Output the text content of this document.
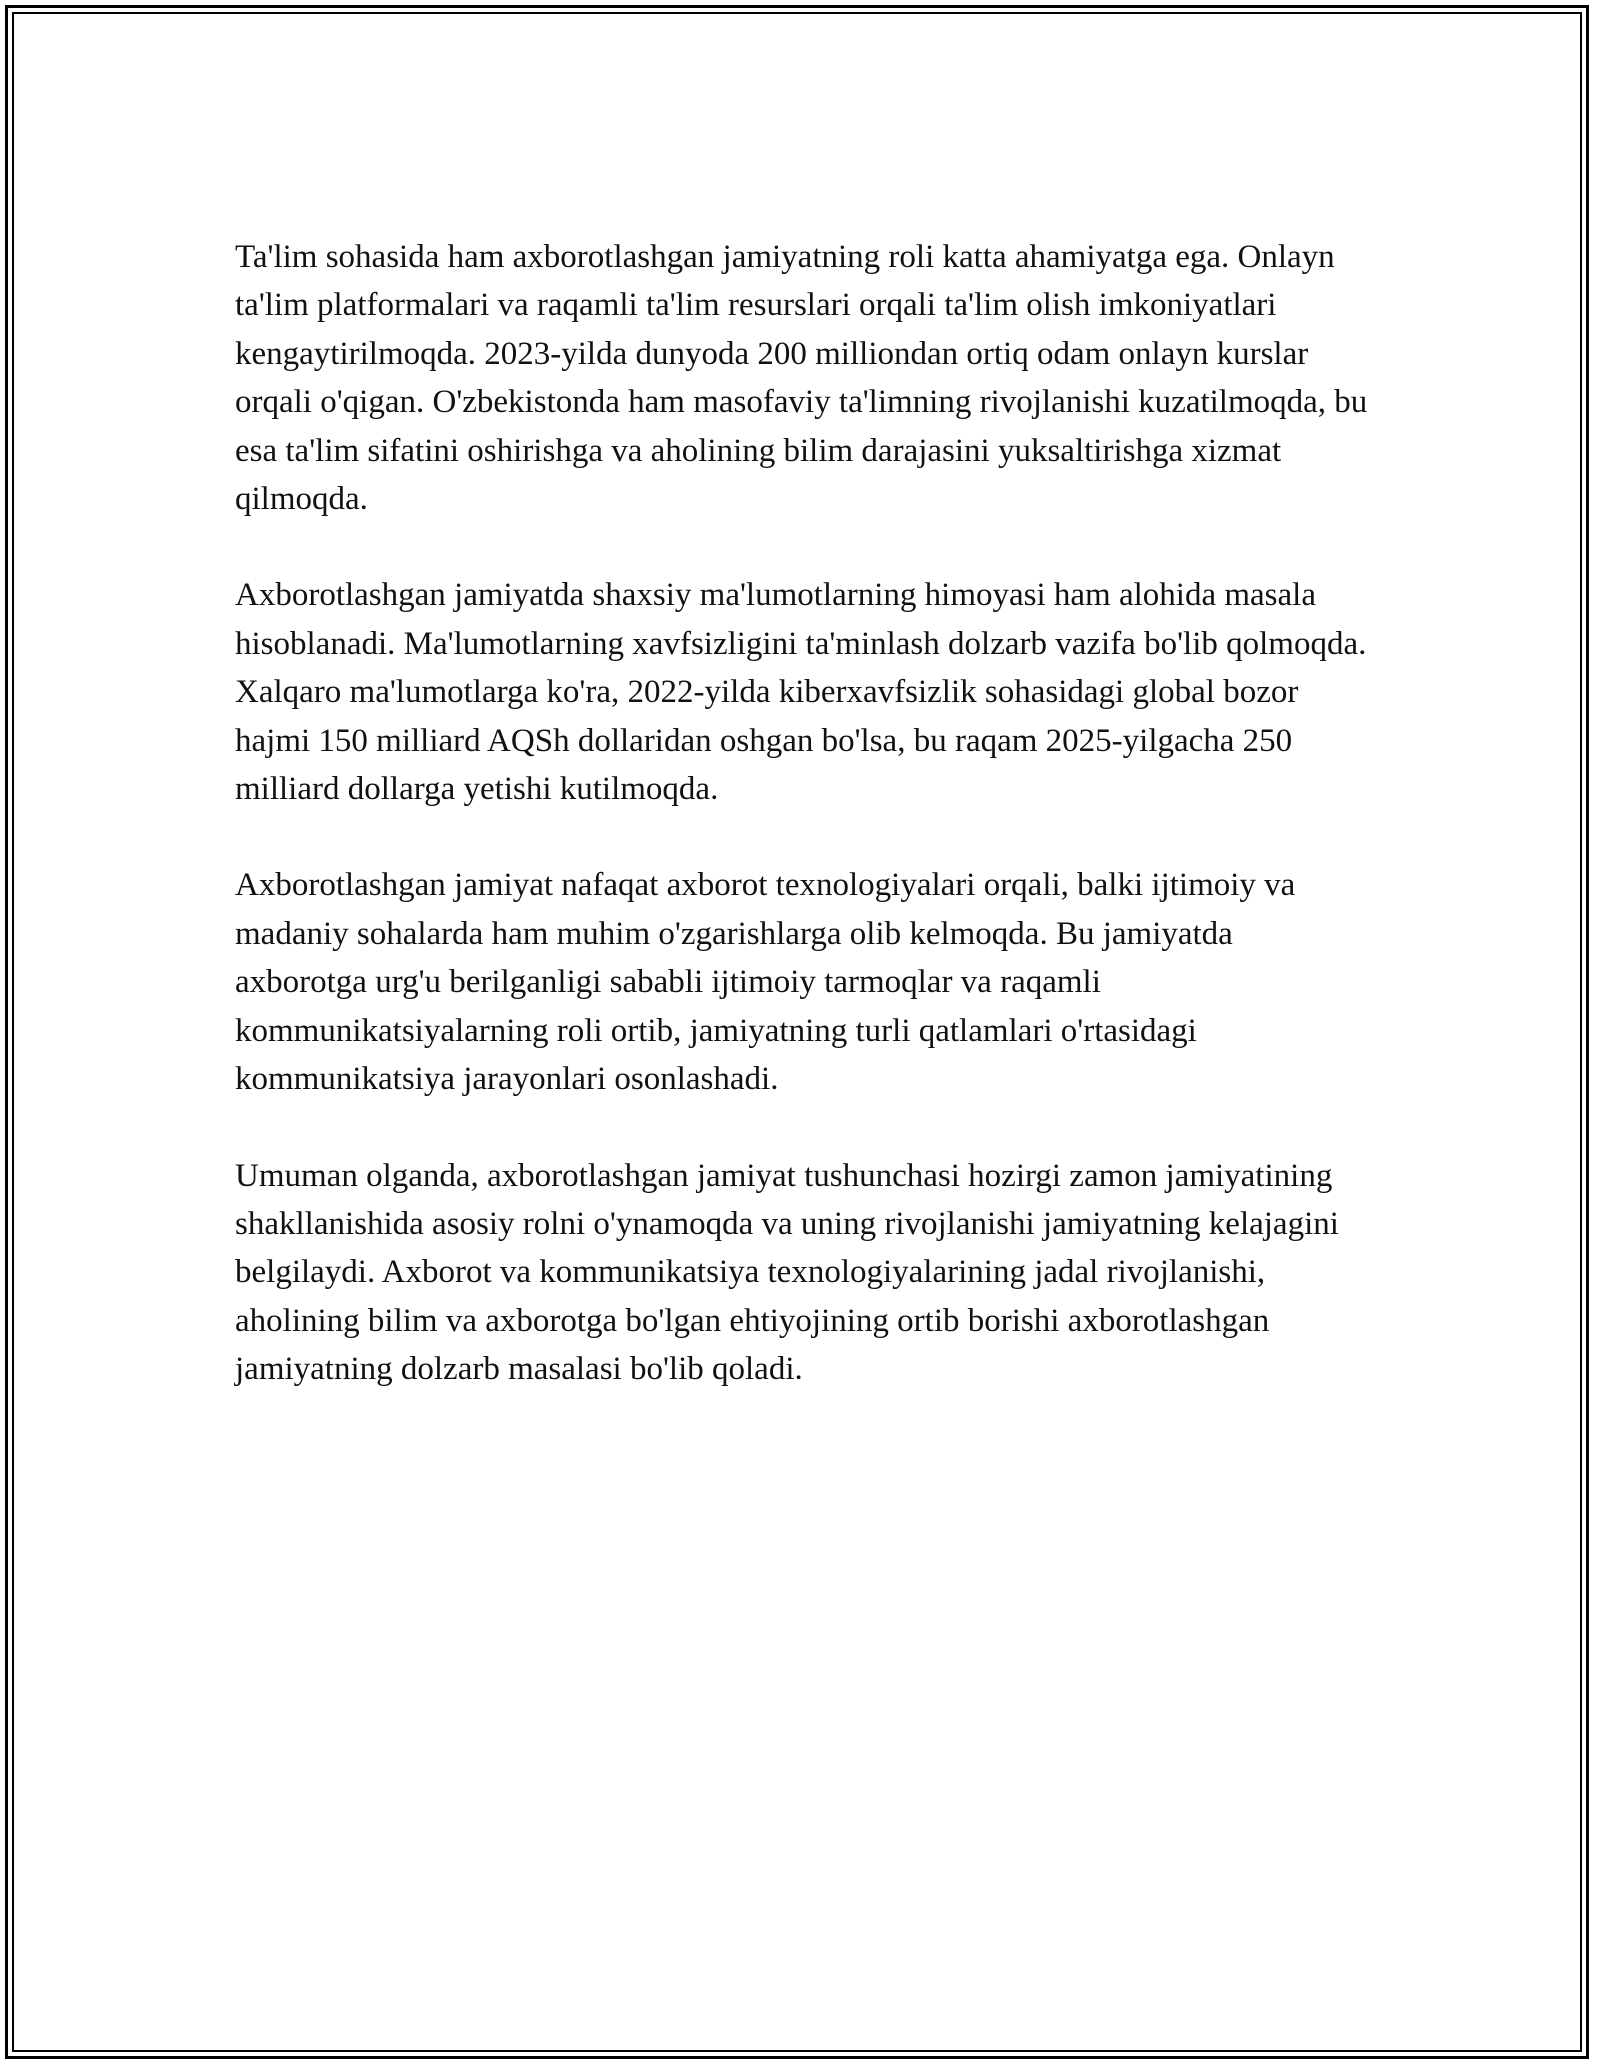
Ta'lim sohasida ham axborotlashgan jamiyatning roli katta ahamiyatga ega. Onlayn ta'lim platformalari va raqamli ta'lim resurslari orqali ta'lim olish imkoniyatlari kengaytirilmoqda. 2023-yilda dunyoda 200 milliondan ortiq odam onlayn kurslar orqali o'qigan. O'zbekistonda ham masofaviy ta'limning rivojlanishi kuzatilmoqda, bu esa ta'lim sifatini oshirishga va aholining bilim darajasini yuksaltirishga xizmat qilmoqda.

Axborotlashgan jamiyatda shaxsiy ma'lumotlarning himoyasi ham alohida masala hisoblanadi. Ma'lumotlarning xavfsizligini ta'minlash dolzarb vazifa bo'lib qolmoqda. Xalqaro ma'lumotlarga ko'ra, 2022-yilda kiberxavfsizlik sohasidagi global bozor hajmi 150 milliard AQSh dollaridan oshgan bo'lsa, bu raqam 2025-yilgacha 250 milliard dollarga yetishi kutilmoqda.

Axborotlashgan jamiyat nafaqat axborot texnologiyalari orqali, balki ijtimoiy va madaniy sohalarda ham muhim o'zgarishlarga olib kelmoqda. Bu jamiyatda axborotga urg'u berilganligi sababli ijtimoiy tarmoqlar va raqamli kommunikatsiyalarning roli ortib, jamiyatning turli qatlamlari o'rtasidagi kommunikatsiya jarayonlari osonlashadi.

Umuman olganda, axborotlashgan jamiyat tushunchasi hozirgi zamon jamiyatining shakllanishida asosiy rolni o'ynamoqda va uning rivojlanishi jamiyatning kelajagini belgilaydi. Axborot va kommunikatsiya texnologiyalarining jadal rivojlanishi, aholining bilim va axborotga bo'lgan ehtiyojining ortib borishi axborotlashgan jamiyatning dolzarb masalasi bo'lib qoladi.
